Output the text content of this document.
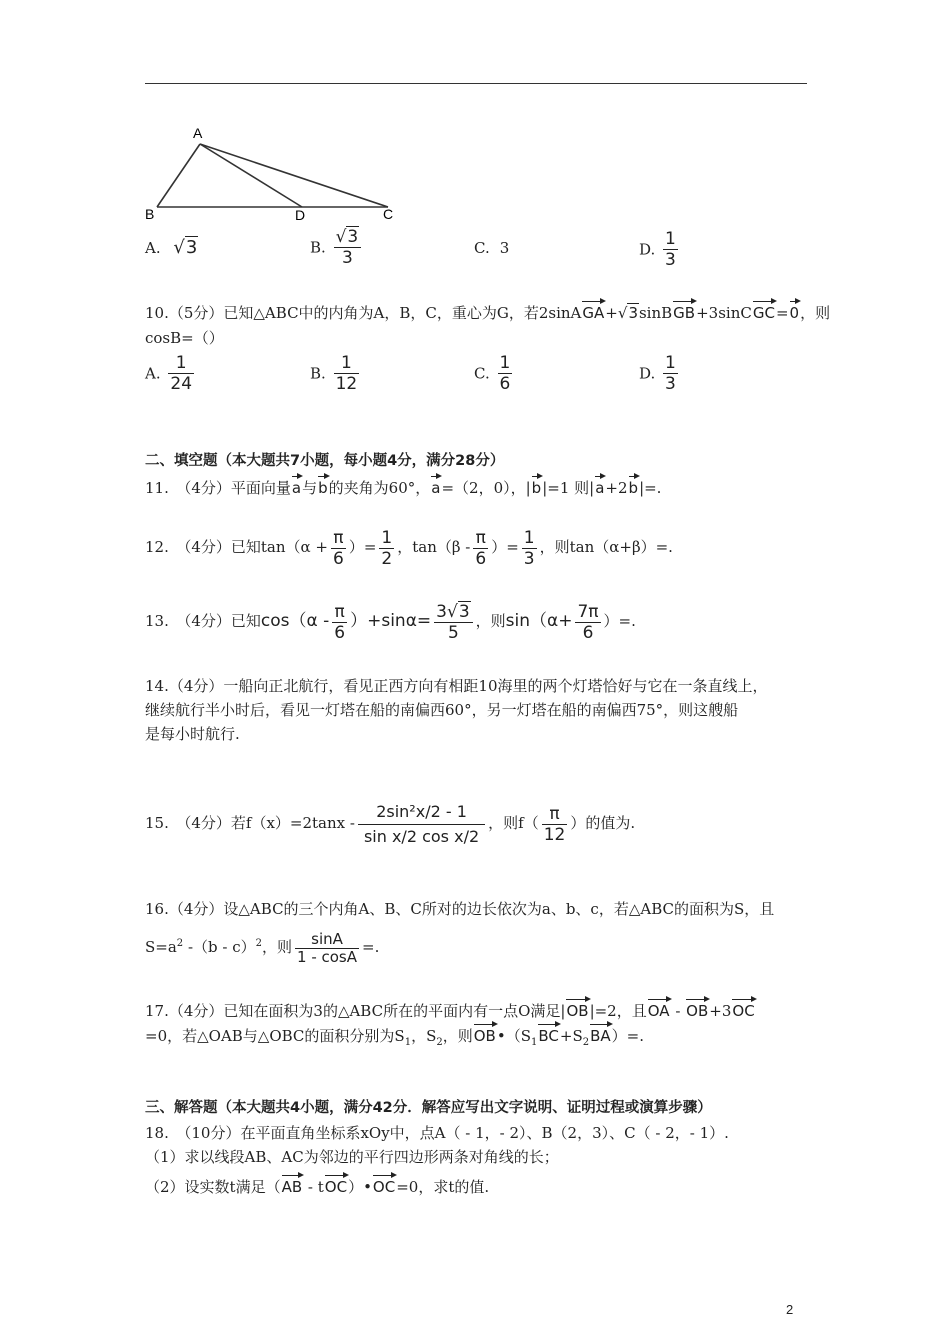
A
B	D	C
A. √3	B. $\frac{√3}{3}$	C. 3	D. $\frac{1}{3}$
10.（5分）已知△ABC中的内角为A，B，C，重心为G，若2sinAGA+√3sinBGB+3sinCGC=0，则
cosB=（）
A. $\frac{1}{24}$	B. $\frac{1}{12}$	C. $\frac{1}{6}$	D. $\frac{1}{3}$
二、填空题（本大题共7小题，每小题4分，满分28分）
11.　（4分）平面向量a与b的夹角为60°，a=（2，0），|b|=1 则|a+2b|=.
12.　（4分）已知$\tan(\alpha + \frac{\pi}{6}$ ）= $\frac{1}{2}$ ，$\tan(\beta - \frac{\pi}{6}$ ）= $\frac{1}{3}$ ，则tan（α+β）=.
13.　（4分）已知$\cos(\alpha - \frac{\pi}{6} )+\sin\alpha= \frac{3√3}{5}$ ，则$\sin(\alpha+ \frac{7\pi}{6}$ ）=.
14.（4分）一船向正北航行，看见正西方向有相距10海里的两个灯塔恰好与它在一条直线上，
继续航行半小时后，看见一灯塔在船的南偏西60°，另一灯塔在船的南偏西75°，则这艘船
是每小时航行.
15.　（4分）若$f(x)=2\tan x - \frac{\text{2sin²x/2 - 1}}{\text{sin x/2 cos x/2}}$ ，则$f( \frac{\pi}{12}$ ）的值为.
16.（4分）设△ABC的三个内角A、B、C所对的边长依次为a、b、c，若△ABC的面积为S，且
$S=a^2$ -（b - c）$^2$，则 $\frac{\sin A}{1 - \cos A}$ =.
17.（4分）已知在面积为3的△ABC所在的平面内有一点O满足|OB|=2，且OA - OB+3OC
=0，若△OAB与△OBC的面积分别为$S_1$，$S_2$，则$OB•(S_1BC+S_2BA)=$.
三、解答题（本大题共4小题，满分42分．解答应写出文字说明、证明过程或演算步骤）
18.　（10分）在平面直角坐标系xOy中，点A（ - 1，- 2）、B（2，3）、C（ - 2，- 1）.
（1）求以线段AB、AC为邻边的平行四边形两条对角线的长；
（2）设实数t满足（AB - tOC）•OC=0，求t的值.
2
